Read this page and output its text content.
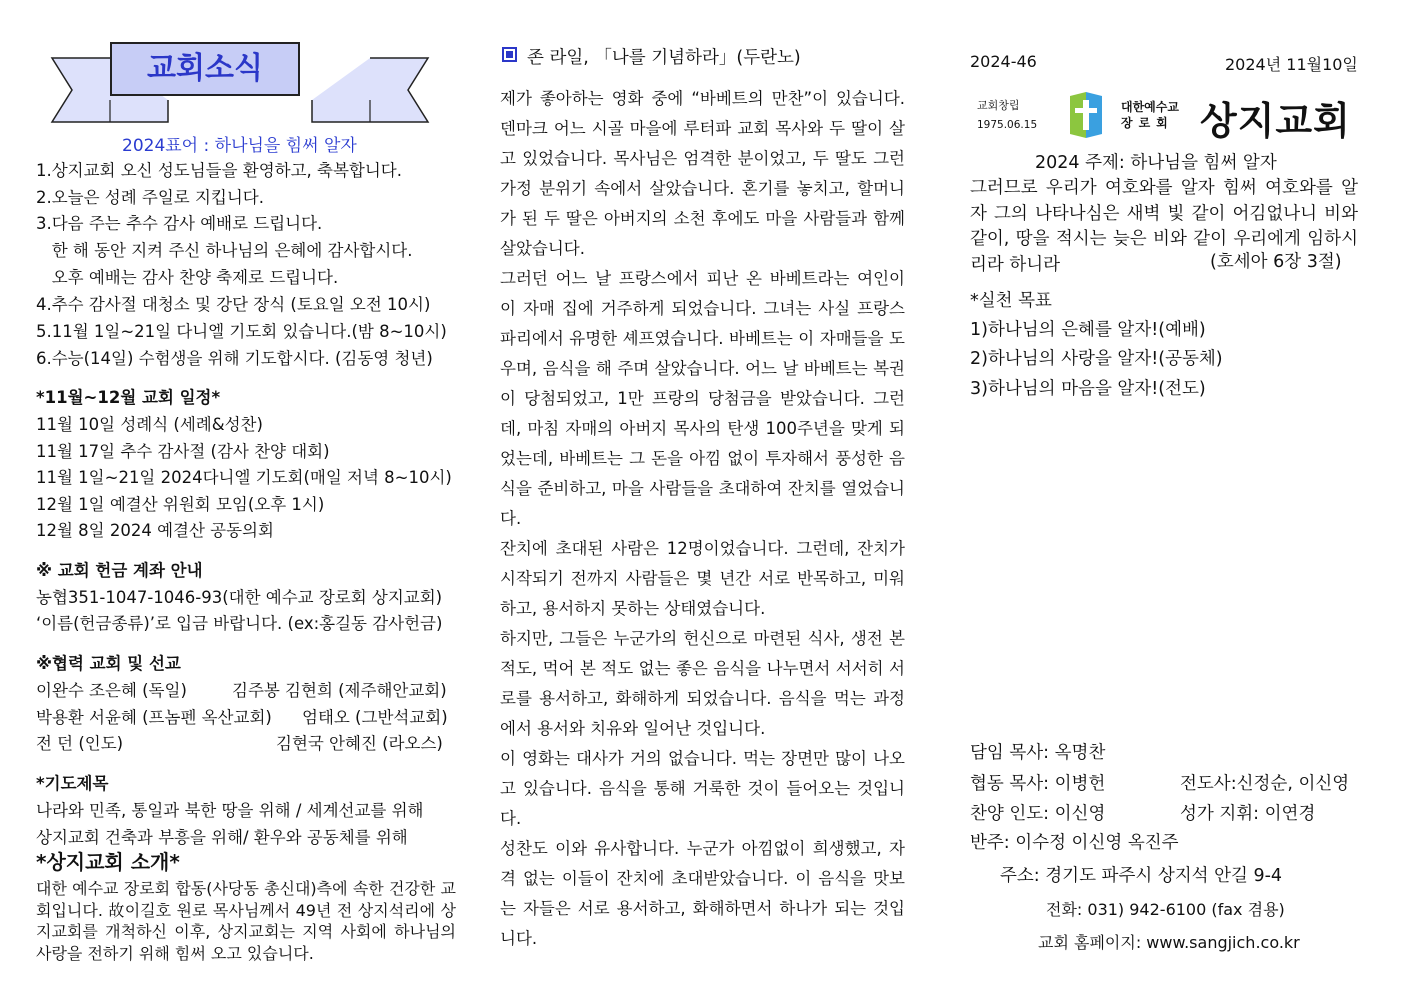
교회소식
2024표어 : 하나님을 힘써 알자
1.상지교회 오신 성도님들을 환영하고, 축복합니다.
2.오늘은 성례 주일로 지킵니다.
3.다음 주는 추수 감사 예배로 드립니다.
한 해 동안 지켜 주신 하나님의 은혜에 감사합시다.
오후 예배는 감사 찬양 축제로 드립니다.
4.추수 감사절 대청소 및 강단 장식 (토요일 오전 10시)
5.11월 1일~21일 다니엘 기도회 있습니다.(밤 8~10시)
6.수능(14일) 수험생을 위해 기도합시다. (김동영 청년)
*11월~12월 교회 일정*
11월 10일 성례식 (세례&성찬)
11월 17일 추수 감사절 (감사 찬양 대회)
11월 1일~21일 2024다니엘 기도회(매일 저녁 8~10시)
12월 1일 예결산 위원회 모임(오후 1시)
12월 8일 2024 예결산 공동의회
※ 교회 헌금 계좌 안내
농협351-1047-1046-93(대한 예수교 장로회 상지교회)
‘이름(헌금종류)’로 입금 바랍니다. (ex:홍길동 감사헌금)
※협력 교회 및 선교
이완수 조은혜 (독일)	김주봉 김현희 (제주해안교회)
박용환 서윤혜 (프놈펜 옥산교회) 엄태오 (그반석교회)
전 던 (인도)	김현국 안혜진 (라오스)
*기도제목
나라와 민족, 통일과 북한 땅을 위해 / 세계선교를 위해
상지교회 건축과 부흥을 위해/ 환우와 공동체를 위해
*상지교회 소개*
대한 예수교 장로회 합동(사당동 총신대)측에 속한 건강한 교회입니다. 故이길호 원로 목사님께서 49년 전 상지석리에 상지교회를 개척하신 이후, 상지교회는 지역 사회에 하나님의 사랑을 전하기 위해 힘써 오고 있습니다.
존 라일, 「나를 기념하라」(두란노)

제가 좋아하는 영화 중에 “바베트의 만찬”이 있습니다. 덴마크 어느 시골 마을에 루터파 교회 목사와 두 딸이 살고 있었습니다. 목사님은 엄격한 분이었고, 두 딸도 그런 가정 분위기 속에서 살았습니다. 혼기를 놓치고, 할머니가 된 두 딸은 아버지의 소천 후에도 마을 사람들과 함께 살았습니다.

그러던 어느 날 프랑스에서 피난 온 바베트라는 여인이 이 자매 집에 거주하게 되었습니다. 그녀는 사실 프랑스 파리에서 유명한 셰프였습니다. 바베트는 이 자매들을 도우며, 음식을 해 주며 살았습니다. 어느 날 바베트는 복권이 당첨되었고, 1만 프랑의 당첨금을 받았습니다. 그런데, 마침 자매의 아버지 목사의 탄생 100주년을 맞게 되었는데, 바베트는 그 돈을 아낌 없이 투자해서 풍성한 음식을 준비하고, 마을 사람들을 초대하여 잔치를 열었습니다.

잔치에 초대된 사람은 12명이었습니다. 그런데, 잔치가 시작되기 전까지 사람들은 몇 년간 서로 반목하고, 미워하고, 용서하지 못하는 상태였습니다.

하지만, 그들은 누군가의 헌신으로 마련된 식사, 생전 본적도, 먹어 본 적도 없는 좋은 음식을 나누면서 서서히 서로를 용서하고, 화해하게 되었습니다. 음식을 먹는 과정에서 용서와 치유와 일어난 것입니다.

이 영화는 대사가 거의 없습니다. 먹는 장면만 많이 나오고 있습니다. 음식을 통해 거룩한 것이 들어오는 것입니다.

성찬도 이와 유사합니다. 누군가 아낌없이 희생했고, 자격 없는 이들이 잔치에 초대받았습니다. 이 음식을 맛보는 자들은 서로 용서하고, 화해하면서 하나가 되는 것입니다.

2024-46	2024년 11월10일
교회창립
1975.06.15
대한예수교
장로회 상지교회
2024 주제: 하나님을 힘써 알자
그러므로 우리가 여호와를 알자 힘써 여호와를 알자 그의 나타나심은 새벽 빛 같이 어김없나니 비와 같이, 땅을 적시는 늦은 비와 같이 우리에게 임하시리라 하니라	(호세아 6장 3절)
*실천 목표
1)하나님의 은혜를 알자!(예배)
2)하나님의 사랑을 알자!(공동체)
3)하나님의 마음을 알자!(전도)
담임 목사: 옥명찬
협동 목사: 이병헌	전도사:신정순, 이신영
찬양 인도: 이신영	성가 지휘: 이연경
반주: 이수정 이신영 옥진주
주소: 경기도 파주시 상지석 안길 9-4
전화: 031) 942-6100 (fax 겸용)
교회 홈페이지: www.sangjich.co.kr
